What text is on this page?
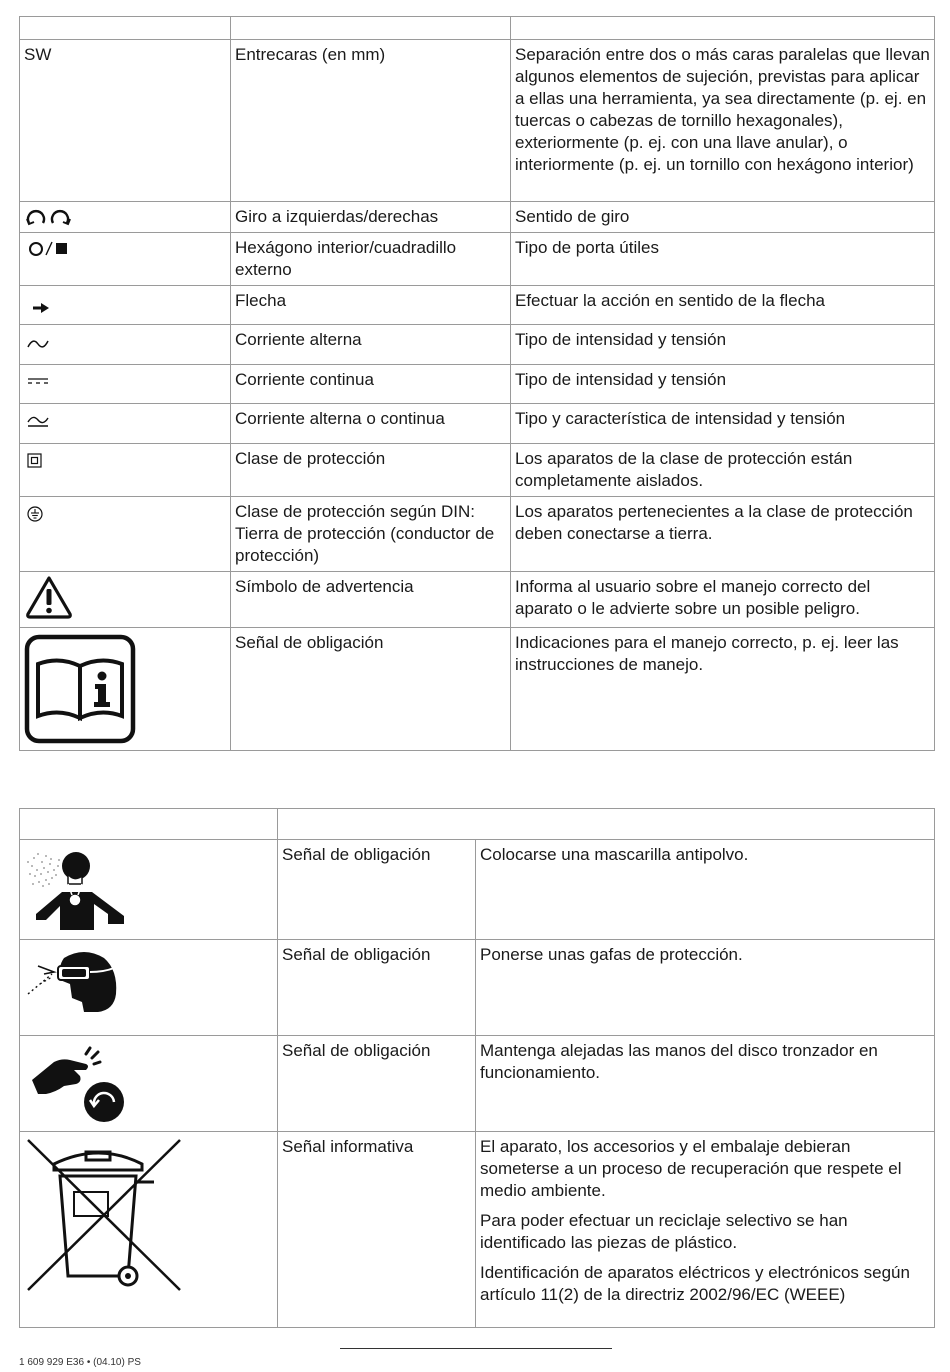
SW	Entrecaras (en mm)	Separación entre dos o más caras paralelas que llevan algunos elementos de sujeción, previstas para aplicar a ellas una herramienta, ya sea directamente (p. ej. en tuercas o cabezas de tornillo hexagonales), exteriormente (p. ej. con una llave anular), o interiormente (p. ej. un tornillo con hexágono interior)

	Giro a izquierdas/derechas	Sentido de giro

	Hexágono interior/cuadradillo externo	Tipo de porta útiles

	Flecha	Efectuar la acción en sentido de la flecha

	Corriente alterna	Tipo de intensidad y tensión

	Corriente continua	Tipo de intensidad y tensión

	Corriente alterna o continua	Tipo y característica de intensidad y tensión

	Clase de protección	Los aparatos de la clase de protección están completamente aislados.

	Clase de protección según DIN: Tierra de protección (conductor de protección)	Los aparatos pertenecientes a la clase de protección deben conectarse a tierra.

	Símbolo de advertencia	Informa al usuario sobre el manejo correcto del aparato o le advierte sobre un posible peligro.

	Señal de obligación	Indicaciones para el manejo correcto, p. ej. leer las instrucciones de manejo.

	Señal de obligación	Colocarse una mascarilla antipolvo.

	Señal de obligación	Ponerse unas gafas de protección.

	Señal de obligación	Mantenga alejadas las manos del disco tronzador en funcionamiento.

	Señal informativa	El aparato, los accesorios y el embalaje debieran someterse a un proceso de recuperación que respete el medio ambiente.

Para poder efectuar un reciclaje selectivo se han identificado las piezas de plástico.

Identificación de aparatos eléctricos y electrónicos según artículo 11(2) de la directriz 2002/96/EC (WEEE)

1 609 929 E36 • (04.10) PS
